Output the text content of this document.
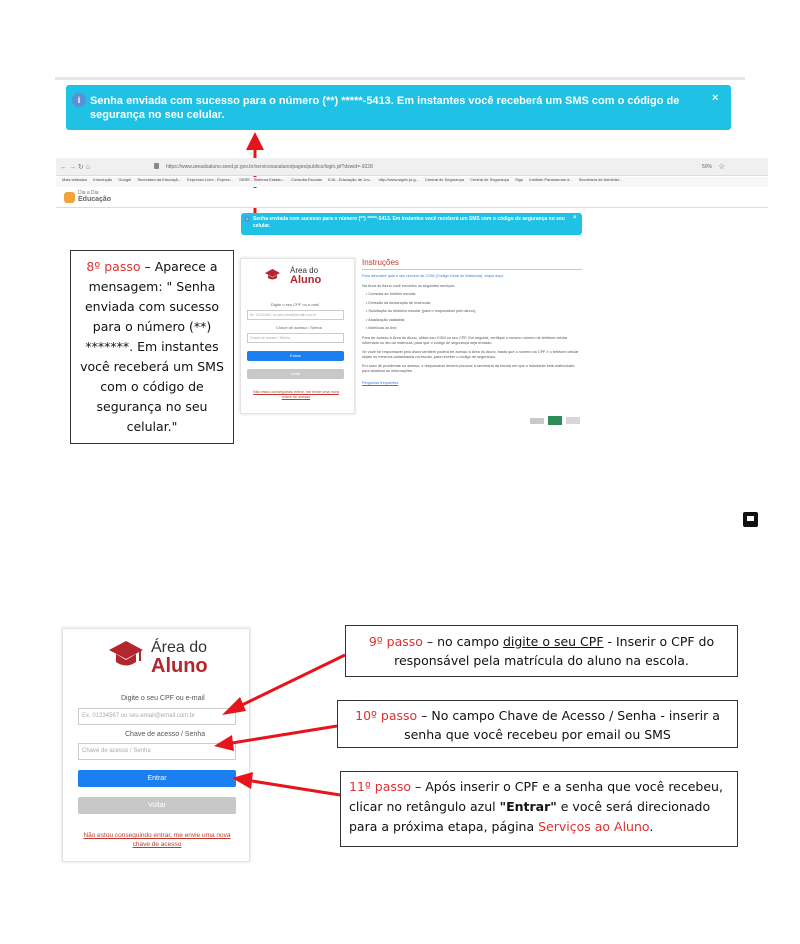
i Senha enviada com sucesso para o número (**) *****-5413. Em instantes você receberá um SMS com o código de segurança no seu celular.
×
← → ↻ ⌂	https://www.areadoaluno.seed.pr.gov.br/servicosaoaluno/pages/publico/login.jsf?dswid=-9228	50% ☆
Mais visitados Introdução Google Secretaria da Educaçã... Expresso Livre - Expres... SERE - Sistema Estadu... Consulta Escolas EJA - Educação de Jov... http://www.sigeb.pr.g... Central de Segurança Central de Segurança Sigo Instituto Paranaense d... Secretaria de Administ...
Dia a Dia
Educação
i	Senha enviada com sucesso para o número (**) *****-5413. Em instantes você receberá um SMS com o código de segurança no seu celular.
×
8º passo – Aparece a mensagem: " Senha enviada com sucesso para o número (**) *******. Em instantes você receberá um SMS com o código de segurança no seu celular."
Área do
Aluno
Digite o seu CPF ou e-mail
Ex. 01234567 ou seu.email@email.com.br
Chave de acesso / Senha
Chave de acesso / Senha
Entrar
Voltar
Não estou conseguindo entrar, me envie uma nova chave de acesso
Instruções

Para descobrir qual é seu número de CGM (Código Geral de Matrícula), clique aqui.

Na Área do Aluno você encontra os seguintes serviços:

• Consulta ao boletim escolar;

• Emissão da declaração de matrícula;

• Solicitação do histórico escolar (para o responsável pelo aluno);

• Atualização cadastral;

• Matrícula on-line.

Para ter acesso à Área do Aluno, utilize seu CGM ou seu CPF. Em seguida, verifique o mesmo número de telefone celular informado no ato da matrícula, para que o código de segurança seja enviado.

Se você for responsável pelo aluno também poderá ter acesso à Área do Aluno, basta que o número do CPF e o telefone celular sejam os mesmos cadastrados na escola, para receber o código de segurança.

Em caso de problemas no acesso, o responsável deverá procurar a secretaria da escola em que o estudante está matriculado para atualizar as informações.

Perguntas frequentes
Área do
Aluno
Digite o seu CPF ou e-mail
Ex. 01234567 ou seu.email@email.com.br
Chave de acesso / Senha
Chave de acesso / Senha
Entrar
Voltar
Não estou conseguindo entrar, me envie uma nova chave de acesso
9º passo – no campo digite o seu CPF - Inserir o CPF do responsável pela matrícula do aluno na escola.
10º passo – No campo Chave de Acesso / Senha - inserir a senha que você recebeu por email ou SMS
11º passo – Após inserir o CPF e a senha que você recebeu, clicar no retângulo azul "Entrar" e você será direcionado para a próxima etapa, página Serviços ao Aluno.
